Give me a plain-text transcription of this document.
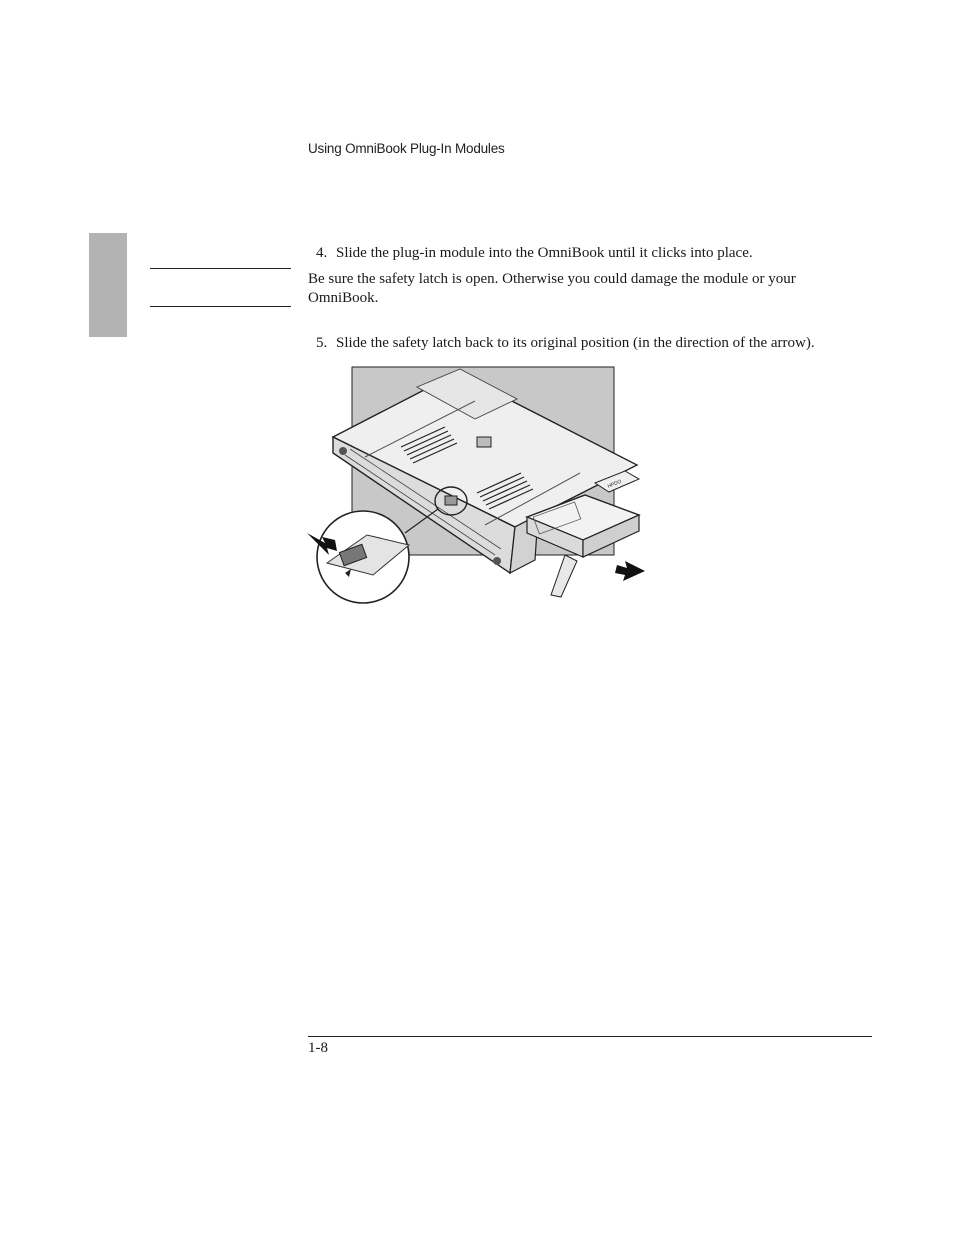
Using OmniBook Plug-In Modules
4. Slide the plug-in module into the OmniBook until it clicks into place.
Be sure the safety latch is open. Otherwise you could damage the module or your OmniBook.
5. Slide the safety latch back to its original position (in the direction of the arrow).
HPDO
1-8
